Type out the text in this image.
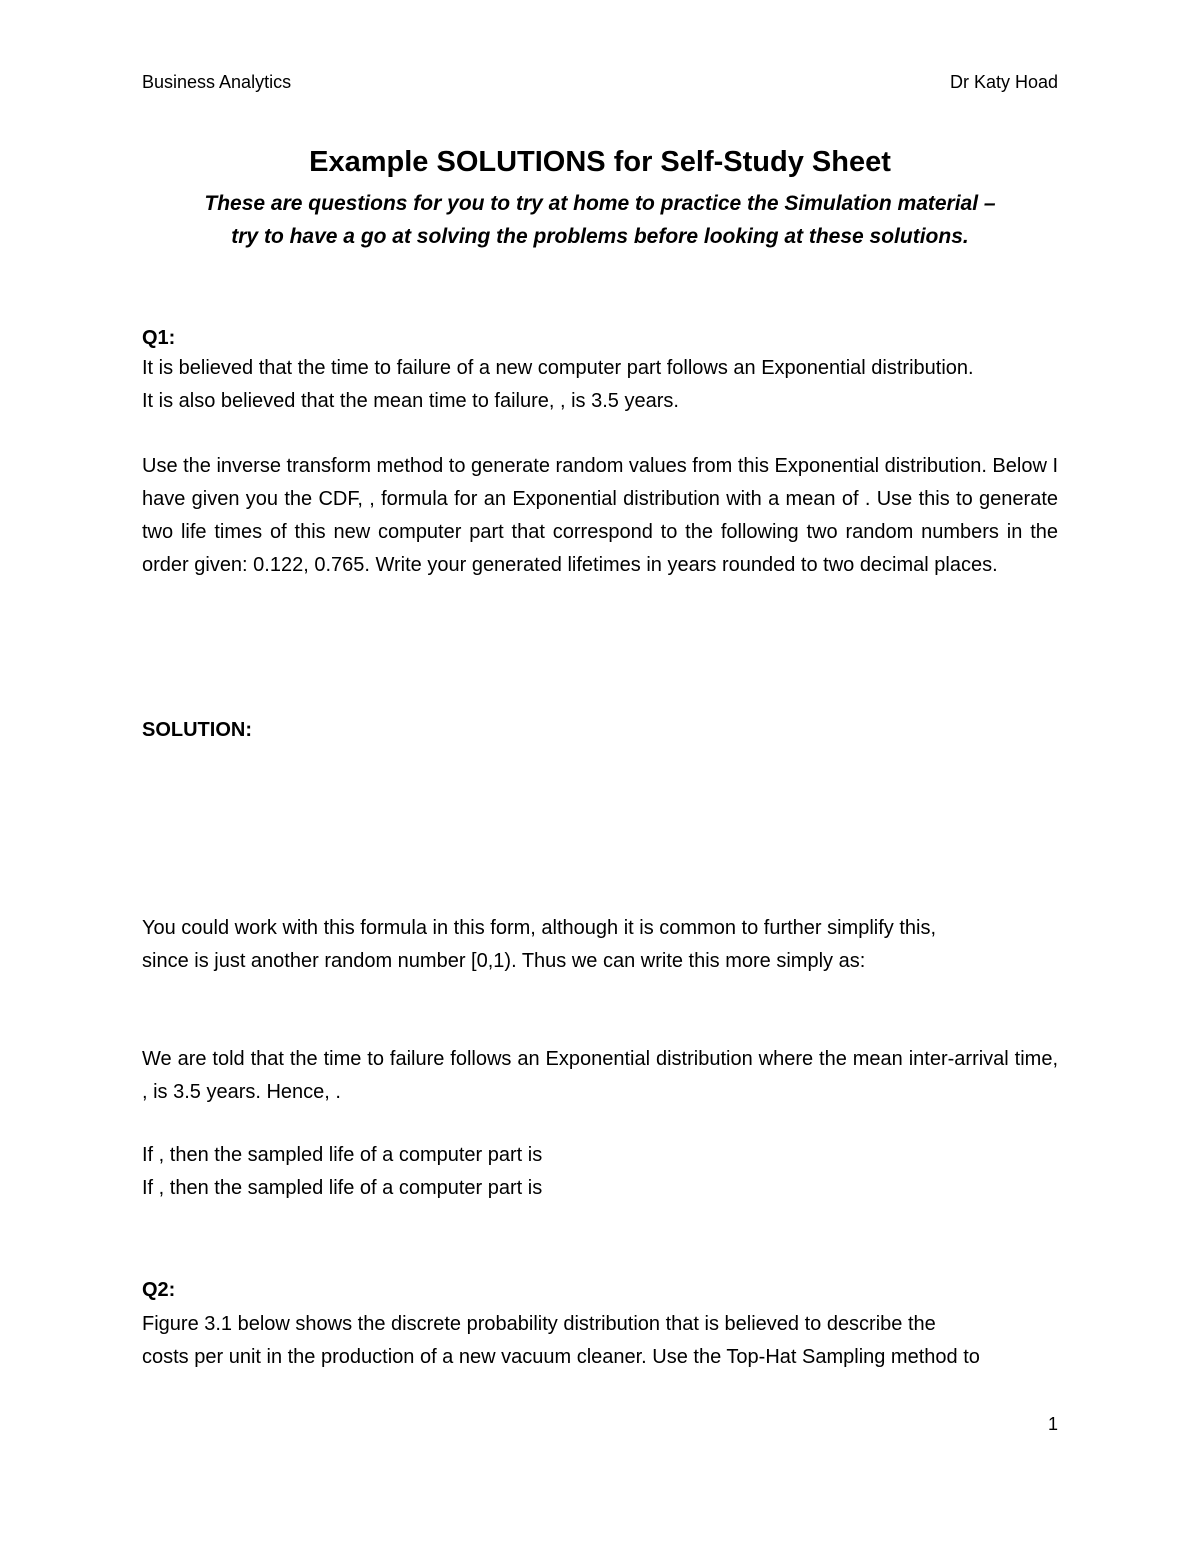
Business Analytics	Dr Katy Hoad
Example SOLUTIONS for Self-Study Sheet
These are questions for you to try at home to practice the Simulation material –
try to have a go at solving the problems before looking at these solutions.
Q1:
It is believed that the time to failure of a new computer part follows an Exponential distribution.
It is also believed that the mean time to failure, , is 3.5 years.
Use the inverse transform method to generate random values from this Exponential distribution. Below I have given you the CDF, , formula for an Exponential distribution with a mean of . Use this to generate two life times of this new computer part that correspond to the following two random numbers in the order given: 0.122, 0.765. Write your generated lifetimes in years rounded to two decimal places.
SOLUTION:
You could work with this formula in this form, although it is common to further simplify this,
since is just another random number [0,1). Thus we can write this more simply as:
We are told that the time to failure follows an Exponential distribution where the mean inter-arrival time, , is 3.5 years. Hence, .
If , then the sampled life of a computer part is
If , then the sampled life of a computer part is
Q2:
Figure 3.1 below shows the discrete probability distribution that is believed to describe the
costs per unit in the production of a new vacuum cleaner. Use the Top-Hat Sampling method to
1
